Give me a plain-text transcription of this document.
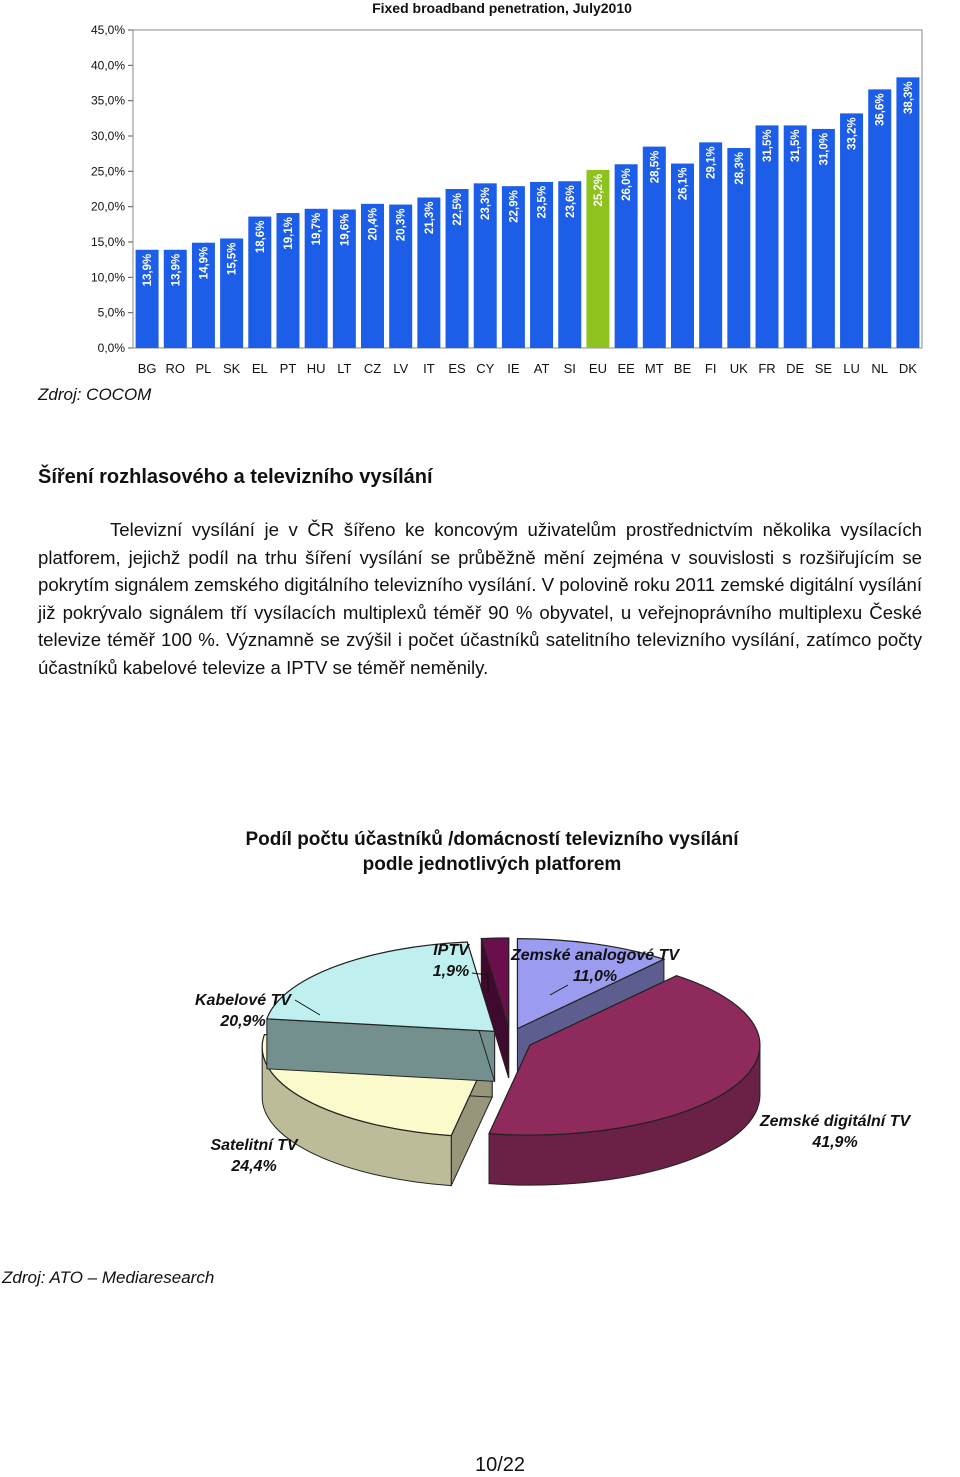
Fixed broadband penetration, July2010
0,0%
5,0%
10,0%
15,0%
20,0%
25,0%
30,0%
35,0%
40,0%
45,0%
13,9% 13,9% 14,9% 15,5%
18,6% 19,1% 19,7% 19,6% 20,4% 20,3% 21,3% 22,5% 23,3% 22,9% 23,5% 23,6% 25,2% 26,0%
28,5%
26,1%
29,1% 28,3%
31,5% 31,5% 31,0% 33,2%
36,6% 38,3%
BG RO PL SK EL PT HU LT CZ LV IT ES CY IE AT SI EU EE MT BE FI UK FR DE SE LU NL DK
Zdroj: COCOM
Šíření rozhlasového a televizního vysílání

Televizní vysílání je v ČR šířeno ke koncovým uživatelům prostřednictvím několika vysílacích platforem, jejichž podíl na trhu šíření vysílání se průběžně mění zejména v souvislosti s rozšiřujícím se pokrytím signálem zemského digitálního televizního vysílání. V polovině roku 2011 zemské digitální vysílání již pokrývalo signálem tří vysílacích multiplexů téměř 90 % obyvatel, u veřejnoprávního multiplexu České televize téměř 100 %. Významně se zvýšil i počet účastníků satelitního televizního vysílání, zatímco počty účastníků kabelové televize a IPTV se téměř neměnily.

Podíl počtu účastníků /domácností televizního vysílání
podle jednotlivých platforem
Zemské analogové TV
11,0%
Zemské digitální TV
41,9%
Satelitní TV
24,4%
Kabelové TV
20,9%
IPTV
1,9%
Zdroj: ATO – Mediaresearch
10/22
